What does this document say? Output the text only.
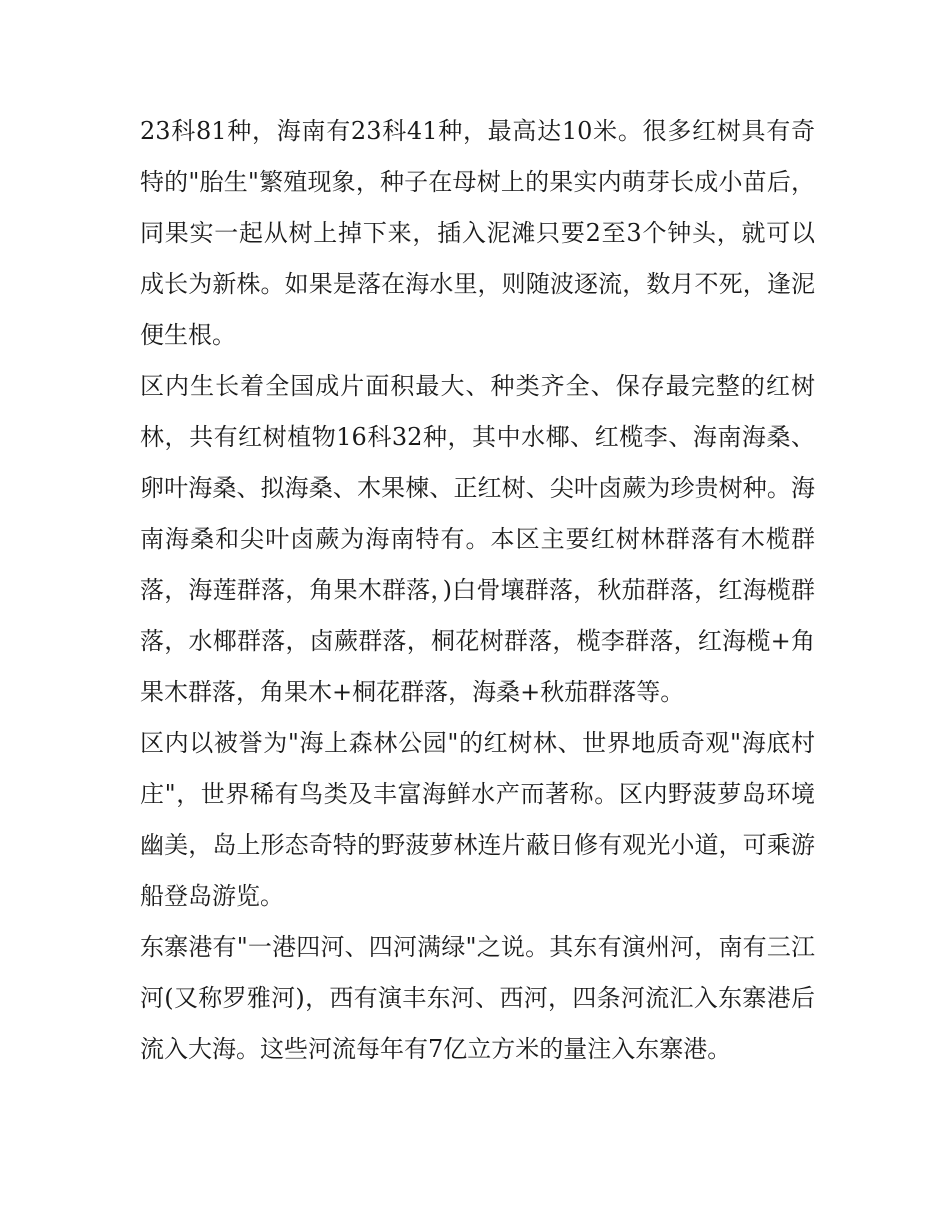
23科81种，海南有23科41种，最高达10米。很多红树具有奇特的"胎生"繁殖现象，种子在母树上的果实内萌芽长成小苗后，同果实一起从树上掉下来，插入泥滩只要2至3个钟头，就可以成长为新株。如果是落在海水里，则随波逐流，数月不死，逢泥便生根。

区内生长着全国成片面积最大、种类齐全、保存最完整的红树林，共有红树植物16科32种，其中水椰、红榄李、海南海桑、卵叶海桑、拟海桑、木果楝、正红树、尖叶卤蕨为珍贵树种。海南海桑和尖叶卤蕨为海南特有。本区主要红树林群落有木榄群落，海莲群落，角果木群落，)白骨壤群落，秋茄群落，红海榄群落，水椰群落，卤蕨群落，桐花树群落，榄李群落，红海榄+角果木群落，角果木+桐花群落，海桑+秋茄群落等。

区内以被誉为"海上森林公园"的红树林、世界地质奇观"海底村庄"，世界稀有鸟类及丰富海鲜水产而著称。区内野菠萝岛环境幽美，岛上形态奇特的野菠萝林连片蔽日修有观光小道，可乘游船登岛游览。

东寨港有"一港四河、四河满绿"之说。其东有演州河，南有三江河(又称罗雅河)，西有演丰东河、西河，四条河流汇入东寨港后流入大海。这些河流每年有7亿立方米的量注入东寨港。
